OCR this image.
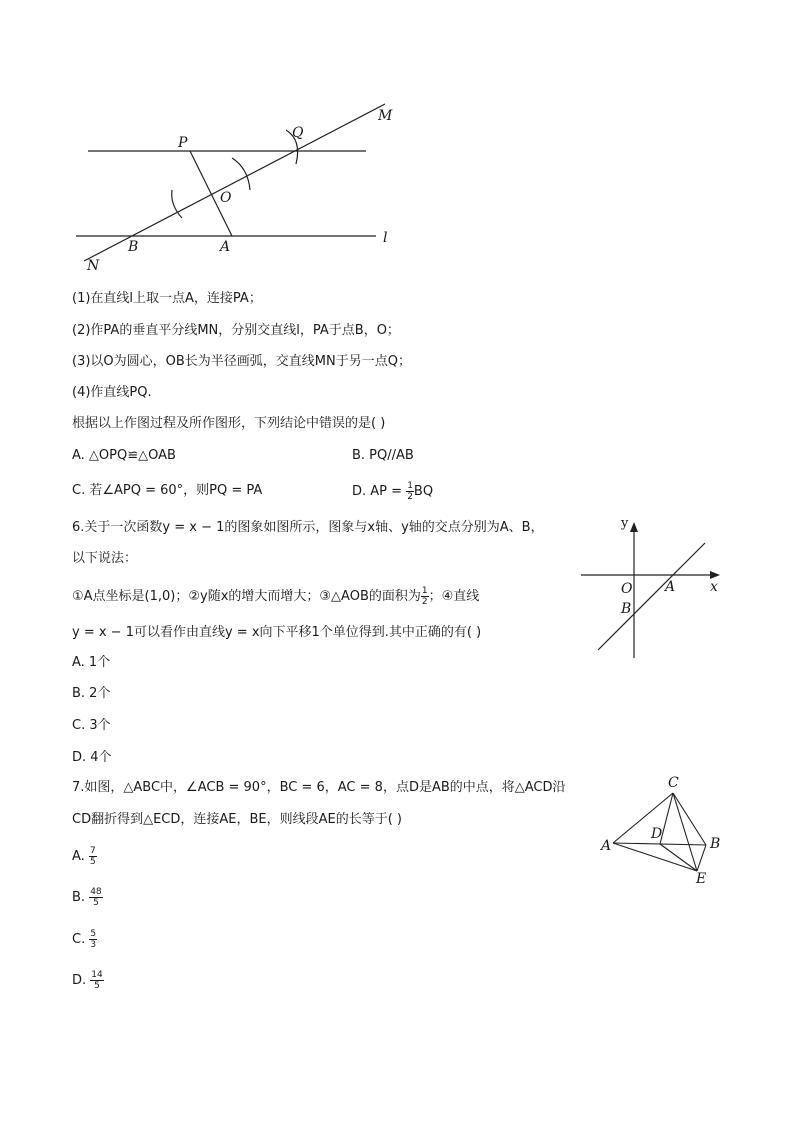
P
Q
M
O
B	A
N
l
(1)在直线l上取一点A，连接PA；
(2)作PA的垂直平分线MN，分别交直线l，PA于点B，O；
(3)以O为圆心，OB长为半径画弧，交直线MN于另一点Q；
(4)作直线PQ.
根据以上作图过程及所作图形，下列结论中错误的是( )
A. △OPQ≌△OAB	B. PQ//AB
C. 若∠APQ = 60°，则PQ = PA	D. AP = $\frac{1}{2}$ BQ
6.关于一次函数y = x − 1的图象如图所示，图象与x轴、y轴的交点分别为A、B，
以下说法：
①A点坐标是(1,0)；②y随x的增大而增大；③△AOB的面积为 $\frac{1}{2}$ ；④直线
y = x − 1可以看作由直线y = x向下平移1个单位得到.其中正确的有( )
A. 1个
B. 2个
C. 3个
D. 4个
y
x
O A
B
7.如图，△ABC中，∠ACB = 90°，BC = 6，AC = 8，点D是AB的中点，将△ACD沿
CD翻折得到△ECD，连接AE，BE，则线段AE的长等于( )
A. $\frac{7}{5}$
B. $\frac{48}{5}$
C. $\frac{5}{3}$
D. $\frac{14}{5}$
C
D
A	B
E
